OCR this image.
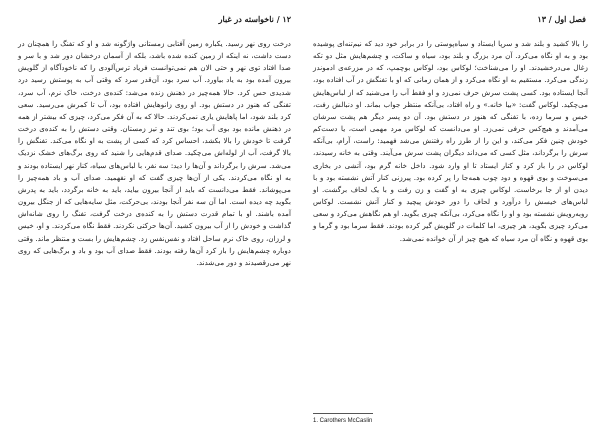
۱۲ / ناخواسته در غبار

درخت روی نهر رسید. یکباره زمین آفتابی زمستانی واژگونه شد و او که تفنگ را همچنان در دست داشت، نه اینکه از زمین کنده شده باشد، بلکه از آسمان درخشان دور شد و با سر و صدا افتاد توی نهر و حتی الان هم نمی‌توانست فریاد ترس‌آلودی را که ناخودآگاه از گلویش بیرون آمده بود به یاد بیاورد. آب سرد بود، آن‌قدر سرد که وقتی آب به پوستش رسید درد شدیدی حس کرد. حالا همه‌چیز در ذهنش زنده می‌شد: کنده‌ی درخت، خاک نرم، آب سرد، تفنگی که هنوز در دستش بود. او روی زانوهایش افتاده بود، آب تا کمرش می‌رسید. سعی کرد بلند شود، اما پاهایش یاری نمی‌کردند. حالا که به آن فکر می‌کرد، چیزی که بیشتر از همه در ذهنش مانده بود بوی آب بود؛ بوی تند و تیز زمستان. وقتی دستش را به کنده‌ی درخت گرفت تا خودش را بالا بکشد، احساس کرد که کسی از پشت به او نگاه می‌کند. تفنگش را بالا گرفت، آب از لوله‌اش می‌چکید. صدای قدم‌هایی را شنید که روی برگ‌های خشک نزدیک می‌شد. سرش را برگرداند و آن‌ها را دید: سه نفر، با لباس‌های سیاه، کنار نهر ایستاده بودند و به او نگاه می‌کردند. یکی از آن‌ها چیزی گفت که او نفهمید. صدای آب و باد همه‌چیز را می‌پوشاند. فقط می‌دانست که باید از آنجا بیرون بیاید، باید به خانه برگردد، باید به پدرش بگوید چه دیده است. اما آن سه نفر آنجا بودند، بی‌حرکت، مثل سایه‌هایی که از جنگل بیرون آمده باشند. او با تمام قدرت دستش را به کنده‌ی درخت گرفت، تفنگ را روی شانه‌اش گذاشت و خودش را از آب بیرون کشید. آن‌ها حرکتی نکردند. فقط نگاه می‌کردند. و او، خیس و لرزان، روی خاک نرم ساحل افتاد و نفس‌نفس زد. چشم‌هایش را بست و منتظر ماند. وقتی دوباره چشم‌هایش را باز کرد آن‌ها رفته بودند. فقط صدای آب بود و باد و برگ‌هایی که روی نهر می‌رقصیدند و دور می‌شدند.

فصل اول / ۱۳

را بالا کشید و بلند شد و سرپا ایستاد و سیاه‌پوستی را در برابر خود دید که نیم‌تنه‌ای پوشیده بود و به او نگاه می‌کرد. آن مرد بزرگ و بلند بود، سیاه و ساکت، و چشم‌هایش مثل دو تکه زغال می‌درخشیدند. او را می‌شناخت؛ لوکاس بود، لوکاس بوچمپ، که در مزرعه‌ی ادموندز زندگی می‌کرد. مستقیم به او نگاه می‌کرد و از همان زمانی که او با تفنگش در آب افتاده بود، آنجا ایستاده بود. کسی پشت سرش حرف نمی‌زد و او فقط آب را می‌شنید که از لباس‌هایش می‌چکید. لوکاس گفت: «بیا خانه.» و راه افتاد، بی‌آنکه منتظر جواب بماند. او دنبالش رفت، خیس و سرما زده، با تفنگی که هنوز در دستش بود. آن دو پسر دیگر هم پشت سرشان می‌آمدند و هیچ‌کس حرفی نمی‌زد. او می‌دانست که لوکاس مرد مهمی است، یا دست‌کم خودش چنین فکر می‌کند، و این را از طرز راه رفتنش می‌شد فهمید: راست، آرام، بی‌آنکه سرش را برگرداند، مثل کسی که می‌داند دیگران پشت سرش می‌آیند. وقتی به خانه رسیدند، لوکاس در را باز کرد و کنار ایستاد تا او وارد شود. داخل خانه گرم بود، آتشی در بخاری می‌سوخت و بوی قهوه و دود چوب همه‌جا را پر کرده بود. پیرزنی کنار آتش نشسته بود و با دیدن او از جا برخاست. لوکاس چیزی به او گفت و زن رفت و با یک لحاف برگشت. او لباس‌های خیسش را درآورد و لحاف را دور خودش پیچید و کنار آتش نشست. لوکاس روبه‌رویش نشسته بود و او را نگاه می‌کرد، بی‌آنکه چیزی بگوید. او هم نگاهش می‌کرد و سعی می‌کرد چیزی بگوید، هر چیزی، اما کلمات در گلویش گیر کرده بودند. فقط سرما بود و گرما و بوی قهوه و نگاه آن مرد سیاه که هیچ چیز از آن خوانده نمی‌شد.

1. Carothers McCaslin
